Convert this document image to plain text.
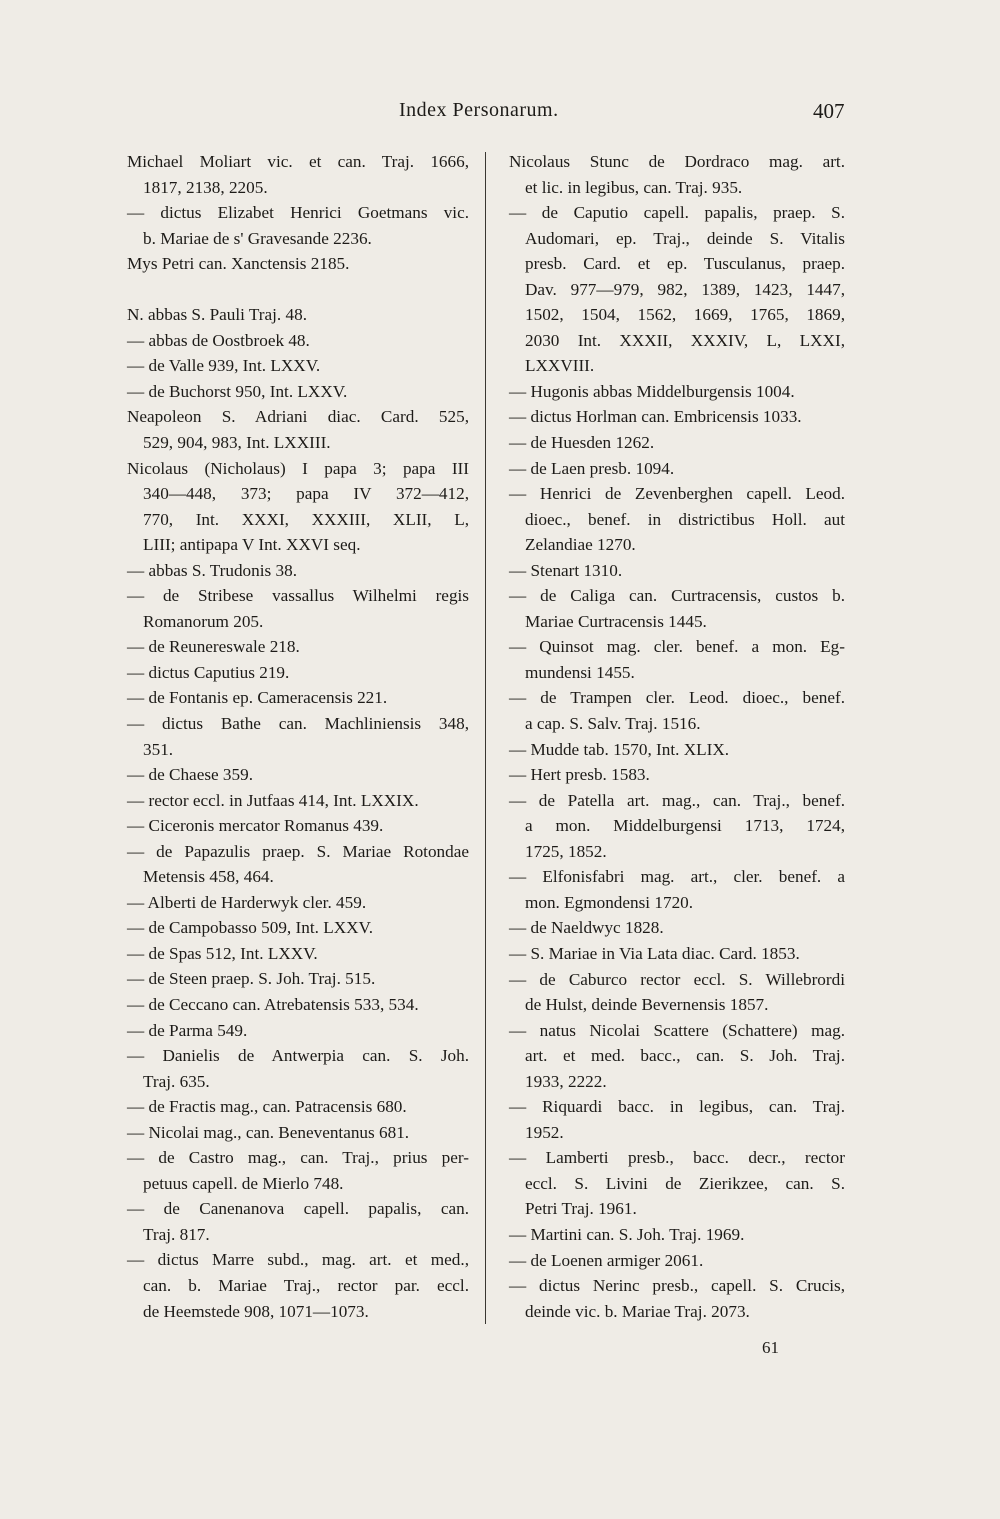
Index Personarum.	407
Michael Moliart vic. et can. Traj. 1666,
1817, 2138, 2205.
— dictus Elizabet Henrici Goetmans vic.
b. Mariae de s' Gravesande 2236.
Mys Petri can. Xanctensis 2185.
N. abbas S. Pauli Traj. 48.
— abbas de Oostbroek 48.
— de Valle 939, Int. LXXV.
— de Buchorst 950, Int. LXXV.
Neapoleon S. Adriani diac. Card. 525,
529, 904, 983, Int. LXXIII.
Nicolaus (Nicholaus) I papa 3; papa III
340—448, 373; papa IV 372—412,
770, Int. XXXI, XXXIII, XLII, L,
LIII; antipapa V Int. XXVI seq.
— abbas S. Trudonis 38.
— de Stribese vassallus Wilhelmi regis
Romanorum 205.
— de Reunereswale 218.
— dictus Caputius 219.
— de Fontanis ep. Cameracensis 221.
— dictus Bathe can. Machliniensis 348,
351.
— de Chaese 359.
— rector eccl. in Jutfaas 414, Int. LXXIX.
— Ciceronis mercator Romanus 439.
— de Papazulis praep. S. Mariae Rotondae
Metensis 458, 464.
— Alberti de Harderwyk cler. 459.
— de Campobasso 509, Int. LXXV.
— de Spas 512, Int. LXXV.
— de Steen praep. S. Joh. Traj. 515.
— de Ceccano can. Atrebatensis 533, 534.
— de Parma 549.
— Danielis de Antwerpia can. S. Joh.
Traj. 635.
— de Fractis mag., can. Patracensis 680.
— Nicolai mag., can. Beneventanus 681.
— de Castro mag., can. Traj., prius per-
petuus capell. de Mierlo 748.
— de Canenanova capell. papalis, can.
Traj. 817.
— dictus Marre subd., mag. art. et med.,
can. b. Mariae Traj., rector par. eccl.
de Heemstede 908, 1071—1073.
Nicolaus Stunc de Dordraco mag. art.
et lic. in legibus, can. Traj. 935.
— de Caputio capell. papalis, praep. S.
Audomari, ep. Traj., deinde S. Vitalis
presb. Card. et ep. Tusculanus, praep.
Dav. 977—979, 982, 1389, 1423, 1447,
1502, 1504, 1562, 1669, 1765, 1869,
2030 Int. XXXII, XXXIV, L, LXXI,
LXXVIII.
— Hugonis abbas Middelburgensis 1004.
— dictus Horlman can. Embricensis 1033.
— de Huesden 1262.
— de Laen presb. 1094.
— Henrici de Zevenberghen capell. Leod.
dioec., benef. in districtibus Holl. aut
Zelandiae 1270.
— Stenart 1310.
— de Caliga can. Curtracensis, custos b.
Mariae Curtracensis 1445.
— Quinsot mag. cler. benef. a mon. Eg-
mundensi 1455.
— de Trampen cler. Leod. dioec., benef.
a cap. S. Salv. Traj. 1516.
— Mudde tab. 1570, Int. XLIX.
— Hert presb. 1583.
— de Patella art. mag., can. Traj., benef.
a mon. Middelburgensi 1713, 1724,
1725, 1852.
— Elfonisfabri mag. art., cler. benef. a
mon. Egmondensi 1720.
— de Naeldwyc 1828.
— S. Mariae in Via Lata diac. Card. 1853.
— de Caburco rector eccl. S. Willebrordi
de Hulst, deinde Bevernensis 1857.
— natus Nicolai Scattere (Schattere) mag.
art. et med. bacc., can. S. Joh. Traj.
1933, 2222.
— Riquardi bacc. in legibus, can. Traj.
1952.
— Lamberti presb., bacc. decr., rector
eccl. S. Livini de Zierikzee, can. S.
Petri Traj. 1961.
— Martini can. S. Joh. Traj. 1969.
— de Loenen armiger 2061.
— dictus Nerinc presb., capell. S. Crucis,
deinde vic. b. Mariae Traj. 2073.
61
